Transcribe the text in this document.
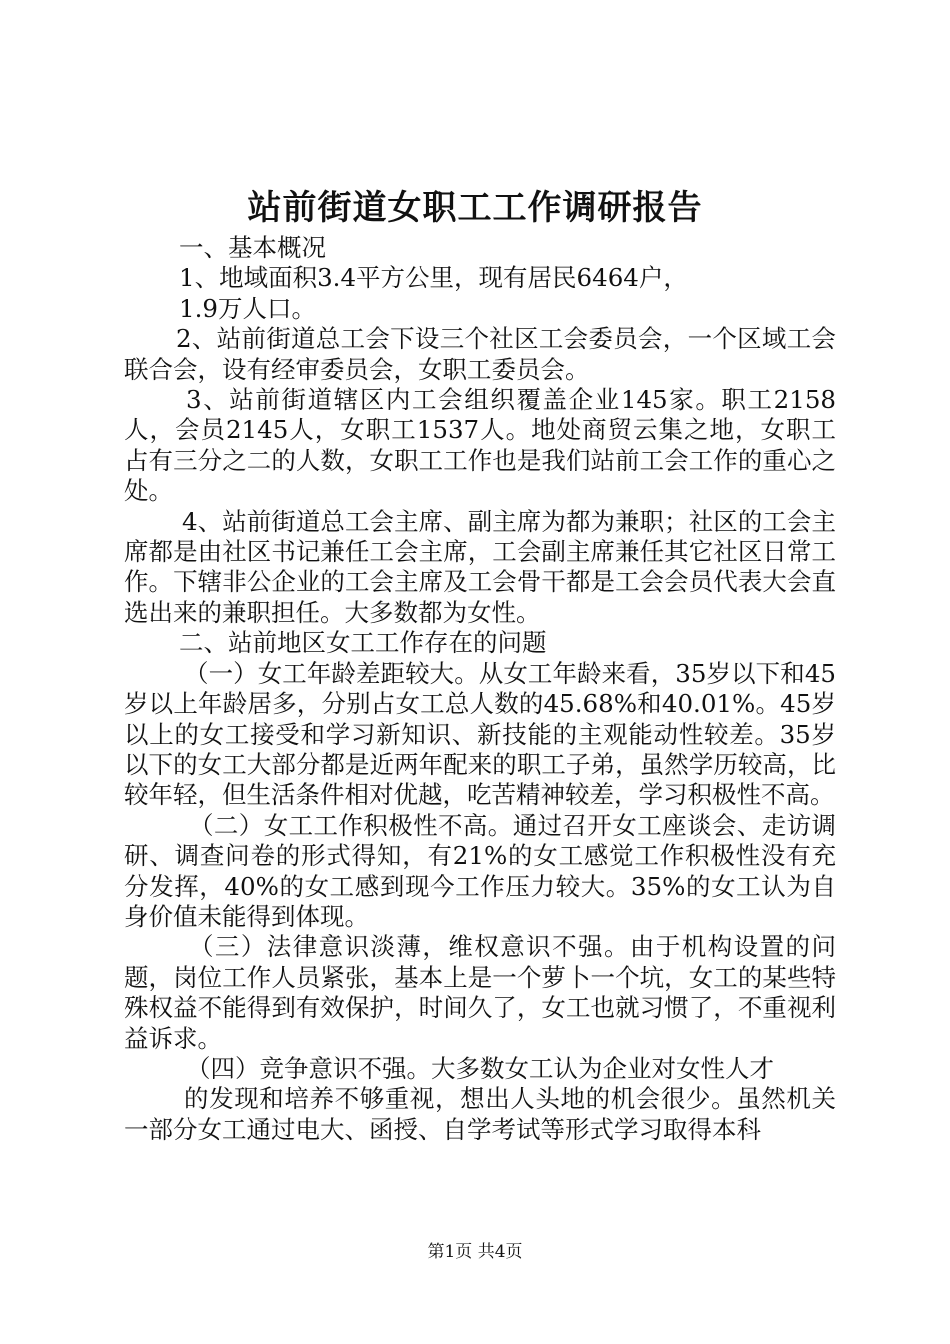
站前街道女职工工作调研报告

一、基本概况

1、地域面积3.4平方公里，现有居民6464户，

1.9万人口。

2、站前街道总工会下设三个社区工会委员会，一个区域工会联合会，设有经审委员会，女职工委员会。

3、站前街道辖区内工会组织覆盖企业145家。职工2158人，会员2145人，女职工1537人。地处商贸云集之地，女职工占有三分之二的人数，女职工工作也是我们站前工会工作的重心之处。

4、站前街道总工会主席、副主席为都为兼职；社区的工会主席都是由社区书记兼任工会主席，工会副主席兼任其它社区日常工作。下辖非公企业的工会主席及工会骨干都是工会会员代表大会直选出来的兼职担任。大多数都为女性。

二、站前地区女工工作存在的问题

（一）女工年龄差距较大。从女工年龄来看，35岁以下和45岁以上年龄居多，分别占女工总人数的45.68%和40.01%。45岁以上的女工接受和学习新知识、新技能的主观能动性较差。35岁以下的女工大部分都是近两年配来的职工子弟，虽然学历较高，比较年轻，但生活条件相对优越，吃苦精神较差，学习积极性不高。

（二）女工工作积极性不高。通过召开女工座谈会、走访调研、调查问卷的形式得知，有21%的女工感觉工作积极性没有充分发挥，40%的女工感到现今工作压力较大。35%的女工认为自身价值未能得到体现。

（三）法律意识淡薄，维权意识不强。由于机构设置的问题，岗位工作人员紧张，基本上是一个萝卜一个坑，女工的某些特殊权益不能得到有效保护，时间久了，女工也就习惯了，不重视利益诉求。

（四）竞争意识不强。大多数女工认为企业对女性人才

的发现和培养不够重视，想出人头地的机会很少。虽然机关一部分女工通过电大、函授、自学考试等形式学习取得本科

第1页 共4页
